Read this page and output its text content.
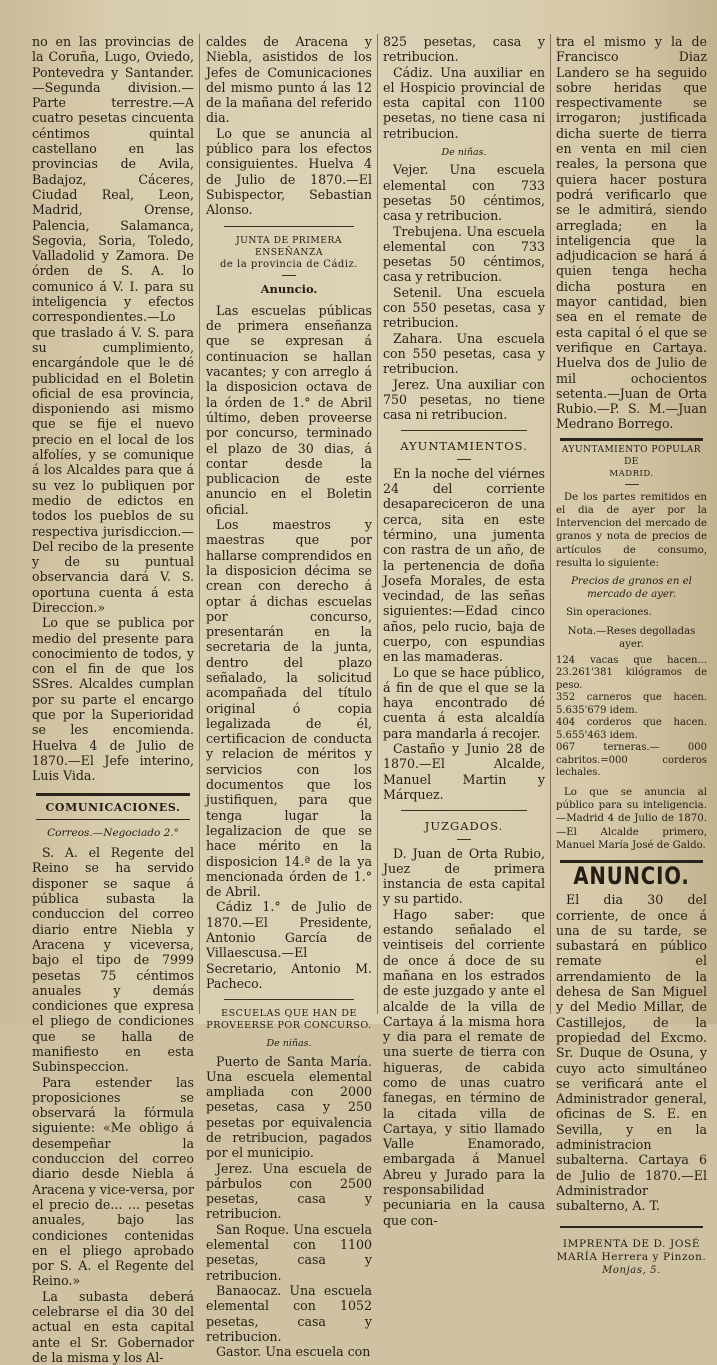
no en las provincias de la Coruña, Lugo, Oviedo, Pontevedra y Santander.—Segunda division.—Parte terrestre.—A cuatro pesetas cincuenta céntimos quintal castellano en las provincias de Avila, Badajoz, Cáceres, Ciudad Real, Leon, Madrid, Orense, Palencia, Salamanca, Segovia, Soria, Toledo, Valladolid y Zamora. De órden de S. A. lo comunico á V. I. para su inteligencia y efectos correspondientes.—Lo que traslado á V. S. para su cumplimiento, encargándole que le dé publicidad en el Boletin oficial de esa provincia, disponiendo asi mismo que se fije el nuevo precio en el local de los alfolíes, y se comunique á los Alcaldes para que á su vez lo publiquen por medio de edictos en todos los pueblos de su respectiva jurisdiccion.—Del recibo de la presente y de su puntual observancia dará V. S. oportuna cuenta á esta Direccion.»

Lo que se publica por medio del presente para conocimiento de todos, y con el fin de que los SSres. Alcaldes cumplan por su parte el encargo que por la Superioridad se les encomienda. Huelva 4 de Julio de 1870.—El Jefe interino, Luis Vida.

COMUNICACIONES.
Correos.—Negociado 2.°

S. A. el Regente del Reino se ha servido disponer se saque á pública subasta la conduccion del correo diario entre Niebla y Aracena y viceversa, bajo el tipo de 7999 pesetas 75 céntimos anuales y demás condiciones que expresa el pliego de condiciones que se halla de manifiesto en esta Subinspeccion.

Para estender las proposiciones se observará la fórmula siguiente: «Me obligo á desempeñar la conduccion del correo diario desde Niebla á Aracena y vice-versa, por el precio de... ... pesetas anuales, bajo las condiciones contenidas en el pliego aprobado por S. A. el Regente del Reino.»

La subasta deberá celebrarse el dia 30 del actual en esta capital ante el Sr. Gobernador de la misma y los Al-

caldes de Aracena y Niebla, asistidos de los Jefes de Comunicaciones del mismo punto á las 12 de la mañana del referido dia.

Lo que se anuncia al público para los efectos consiguientes. Huelva 4 de Julio de 1870.—El Subispector, Sebastian Alonso.

JUNTA DE PRIMERA ENSEÑANZA
de la provincia de Cádiz.
Anuncio.

Las escuelas públicas de primera enseñanza que se expresan á continuacion se hallan vacantes; y con arreglo á la disposicion octava de la órden de 1.° de Abril último, deben proveerse por concurso, terminado el plazo de 30 dias, á contar desde la publicacion de este anuncio en el Boletin oficial.

Los maestros y maestras que por hallarse comprendidos en la disposicion décima se crean con derecho á optar á dichas escuelas por concurso, presentarán en la secretaria de la junta, dentro del plazo señalado, la solicitud acompañada del título original ó copia legalizada de él, certificacion de conducta y relacion de méritos y servicios con los documentos que los justifiquen, para que tenga lugar la legalizacion de que se hace mérito en la disposicion 14.ª de la ya mencionada órden de 1.° de Abril.

Cádiz 1.° de Julio de 1870.—El Presidente, Antonio García de Villaescusa.—El Secretario, Antonio M. Pacheco.

ESCUELAS QUE HAN DE PROVEERSE POR CONCURSO.
De niñas.

Puerto de Santa María. Una escuela elemental ampliada con 2000 pesetas, casa y 250 pesetas por equivalencia de retribucion, pagados por el municipio.

Jerez. Una escuela de párbulos con 2500 pesetas, casa y retribucion.

San Roque. Una escuela elemental con 1100 pesetas, casa y retribucion.

Banaocaz. Una escuela elemental con 1052 pesetas, casa y retribucion.

Gastor. Una escuela con

825 pesetas, casa y retribucion.

Cádiz. Una auxiliar en el Hospicio provincial de esta capital con 1100 pesetas, no tiene casa ni retribucion.

De niñas.

Vejer. Una escuela elemental con 733 pesetas 50 céntimos, casa y retribucion.

Trebujena. Una escuela elemental con 733 pesetas 50 céntimos, casa y retribucion.

Setenil. Una escuela con 550 pesetas, casa y retribucion.

Zahara. Una escuela con 550 pesetas, casa y retribucion.

Jerez. Una auxiliar con 750 pesetas, no tiene casa ni retribucion.

AYUNTAMIENTOS.

En la noche del viérnes 24 del corriente desapareciceron de una cerca, sita en este término, una jumenta con rastra de un año, de la pertenencia de doña Josefa Morales, de esta vecindad, de las señas siguientes:—Edad cinco años, pelo rucio, baja de cuerpo, con espundias en las mamaderas.

Lo que se hace público, á fin de que el que se la haya encontrado dé cuenta á esta alcaldía para mandarla á recojer.

Castaño y Junio 28 de 1870.—El Alcalde, Manuel Martin y Márquez.

JUZGADOS.

D. Juan de Orta Rubio, Juez de primera instancia de esta capital y su partido.

Hago saber: que estando señalado el veintiseis del corriente de once á doce de su mañana en los estrados de este juzgado y ante el alcalde de la villa de Cartaya á la misma hora y dia para el remate de una suerte de tierra con higueras, de cabida como de unas cuatro fanegas, en término de la citada villa de Cartaya, y sitio llamado Valle Enamorado, embargada á Manuel Abreu y Jurado para la responsabilidad pecuniaria en la causa que con-

tra el mismo y la de Francisco Diaz Landero se ha seguido sobre heridas que respectivamente se irrogaron; justificada dicha suerte de tierra en venta en mil cien reales, la persona que quiera hacer postura podrá verificarlo que se le admitirá, siendo arreglada; en la inteligencia que la adjudicacion se hará á quien tenga hecha dicha postura en mayor cantidad, bien sea en el remate de esta capital ó el que se verifique en Cartaya. Huelva dos de Julio de mil ochocientos setenta.—Juan de Orta Rubio.—P. S. M.—Juan Medrano Borrego.

AYUNTAMIENTO POPULAR DE
MADRID.

De los partes remitidos en el dia de ayer por la Intervencion del mercado de granos y nota de precios de artículos de consumo, resulta lo siguiente:

Precios de granos en el mercado de ayer.

Sin operaciones.

Nota.—Reses degolladas ayer.

124 vacas que hacen... 23.261'381 kilógramos de peso.
352 carneros que hacen. 5.635'679 idem.
404 corderos que hacen. 5.655'463 idem.
067 terneras.— 000 cabritos.=000 corderos lechales.

Lo que se anuncia al público para su inteligencia.—Madrid 4 de Julio de 1870.—El Alcalde primero, Manuel María José de Galdo.

ANUNCIO.

El dia 30 del corriente, de once á una de su tarde, se subastará en público remate el arrendamiento de la dehesa de San Miguel y del Medio Millar, de Castillejos, de la propiedad del Excmo. Sr. Duque de Osuna, y cuyo acto simultáneo se verificará ante el Administrador general, oficinas de S. E. en Sevilla, y en la administracion subalterna. Cartaya 6 de Julio de 1870.—El Administrador subalterno, A. T.

IMPRENTA DE D. JOSÉ MARÍA Herrera y Pinzon.
Monjas, 5.
